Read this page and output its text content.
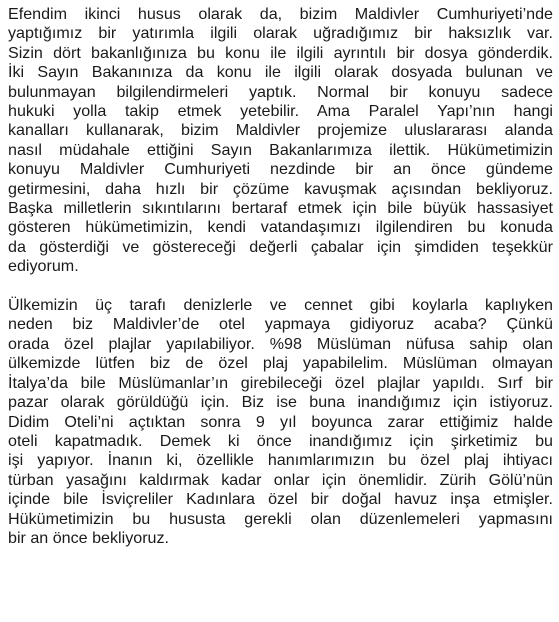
Efendim ikinci husus olarak da, bizim Maldivler Cumhuriyeti’nde
yaptığımız bir yatırımla ilgili olarak uğradığımız bir haksızlık var.
Sizin dört bakanlığınıza bu konu ile ilgili ayrıntılı bir dosya gönderdik.
İki Sayın Bakanınıza da konu ile ilgili olarak dosyada bulunan ve
bulunmayan bilgilendirmeleri yaptık. Normal bir konuyu sadece
hukuki yolla takip etmek yetebilir. Ama Paralel Yapı’nın hangi
kanalları kullanarak, bizim Maldivler projemize uluslararası alanda
nasıl müdahale ettiğini Sayın Bakanlarımıza ilettik. Hükümetimizin
konuyu Maldivler Cumhuriyeti nezdinde bir an önce gündeme
getirmesini, daha hızlı bir çözüme kavuşmak açısından bekliyoruz.
Başka milletlerin sıkıntılarını bertaraf etmek için bile büyük hassasiyet
gösteren hükümetimizin, kendi vatandaşımızı ilgilendiren bu konuda
da gösterdiği ve göstereceği değerli çabalar için şimdiden teşekkür
ediyorum.
Ülkemizin üç tarafı denizlerle ve cennet gibi koylarla kaplıyken
neden biz Maldivler’de otel yapmaya gidiyoruz acaba? Çünkü
orada özel plajlar yapılabiliyor. %98 Müslüman nüfusa sahip olan
ülkemizde lütfen biz de özel plaj yapabilelim. Müslüman olmayan
İtalya’da bile Müslümanlar’ın girebileceği özel plajlar yapıldı. Sırf bir
pazar olarak görüldüğü için. Biz ise buna inandığımız için istiyoruz.
Didim Oteli’ni açtıktan sonra 9 yıl boyunca zarar ettiğimiz halde
oteli kapatmadık. Demek ki önce inandığımız için şirketimiz bu
işi yapıyor. İnanın ki, özellikle hanımlarımızın bu özel plaj ihtiyacı
türban yasağını kaldırmak kadar onlar için önemlidir. Zürih Gölü’nün
içinde bile İsviçreliler Kadınlara özel bir doğal havuz inşa etmişler.
Hükümetimizin bu hususta gerekli olan düzenlemeleri yapmasını
bir an önce bekliyoruz.
